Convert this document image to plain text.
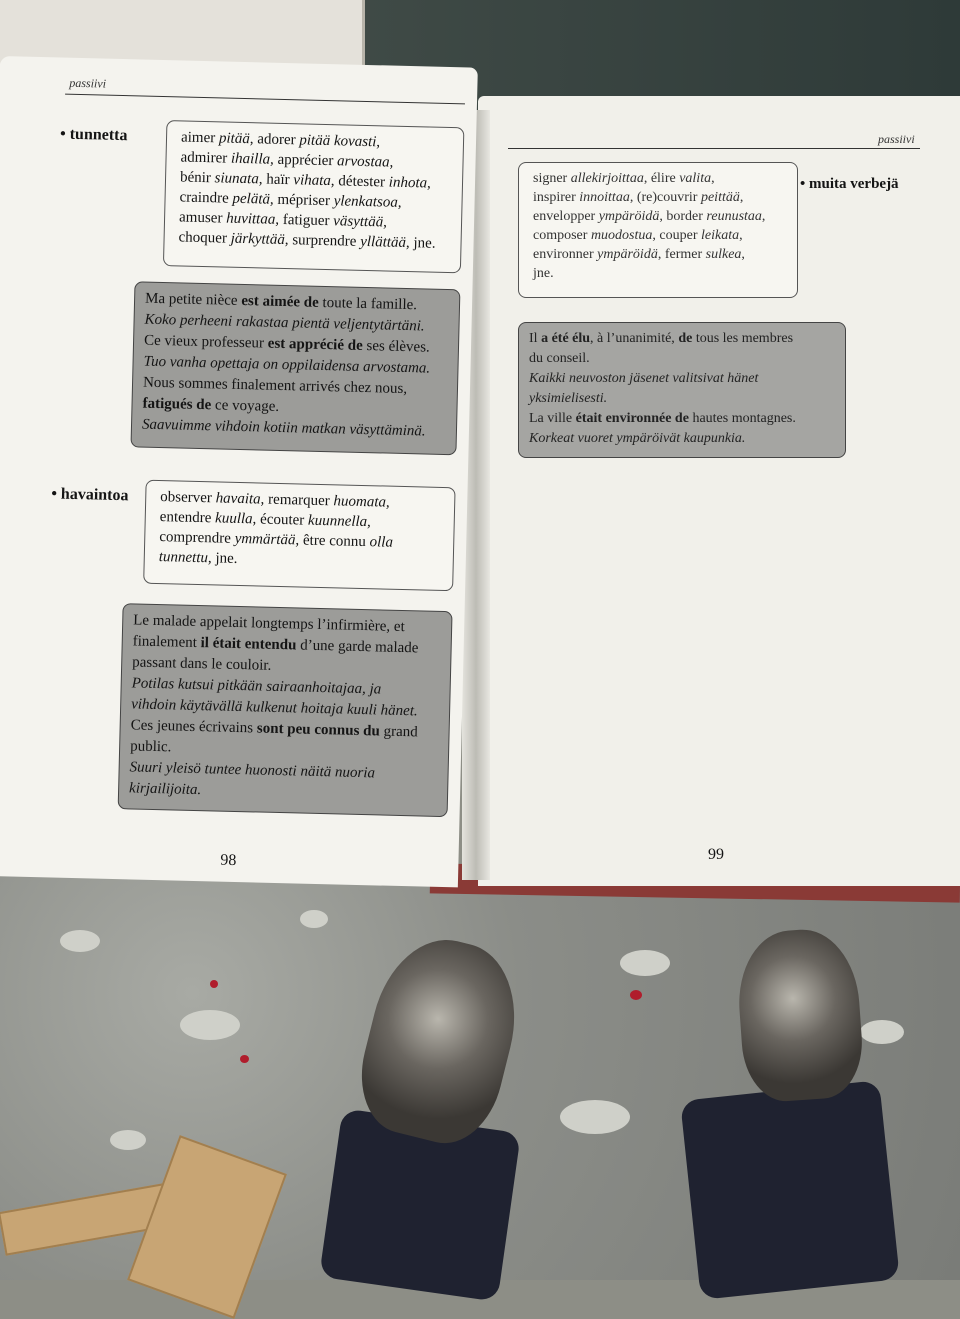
passiivi
signer allekirjoittaa, élire valita,
inspirer innoittaa, (re)couvrir peittää,
envelopper ympäröidä, border reunustaa,
composer muodostua, couper leikata,
environner ympäröidä, fermer sulkea,
jne.
• muita verbejä
Il a été élu, à l’unanimité, de tous les membres
du conseil.
Kaikki neuvoston jäsenet valitsivat hänet
yksimielisesti.
La ville était environnée de hautes montagnes.
Korkeat vuoret ympäröivät kaupunkia.
99
passiivi
• tunnetta	aimer pitää, adorer pitää kovasti,
admirer ihailla, apprécier arvostaa,
bénir siunata, haïr vihata, détester inhota,
craindre pelätä, mépriser ylenkatsoa,
amuser huvittaa, fatiguer väsyttää,
choquer järkyttää, surprendre yllättää, jne.
Ma petite nièce est aimée de toute la famille.
Koko perheeni rakastaa pientä veljentytärtäni.
Ce vieux professeur est apprécié de ses élèves.
Tuo vanha opettaja on oppilaidensa arvostama.
Nous sommes finalement arrivés chez nous,
fatigués de ce voyage.
Saavuimme vihdoin kotiin matkan väsyttäminä.
• havaintoa observer havaita, remarquer huomata,
entendre kuulla, écouter kuunnella,
comprendre ymmärtää, être connu olla
tunnettu, jne.
Le malade appelait longtemps l’infirmière, et
finalement il était entendu d’une garde malade
passant dans le couloir.
Potilas kutsui pitkään sairaanhoitajaa, ja
vihdoin käytävällä kulkenut hoitaja kuuli hänet.
Ces jeunes écrivains sont peu connus du grand
public.
Suuri yleisö tuntee huonosti näitä nuoria
kirjailijoita.
98
